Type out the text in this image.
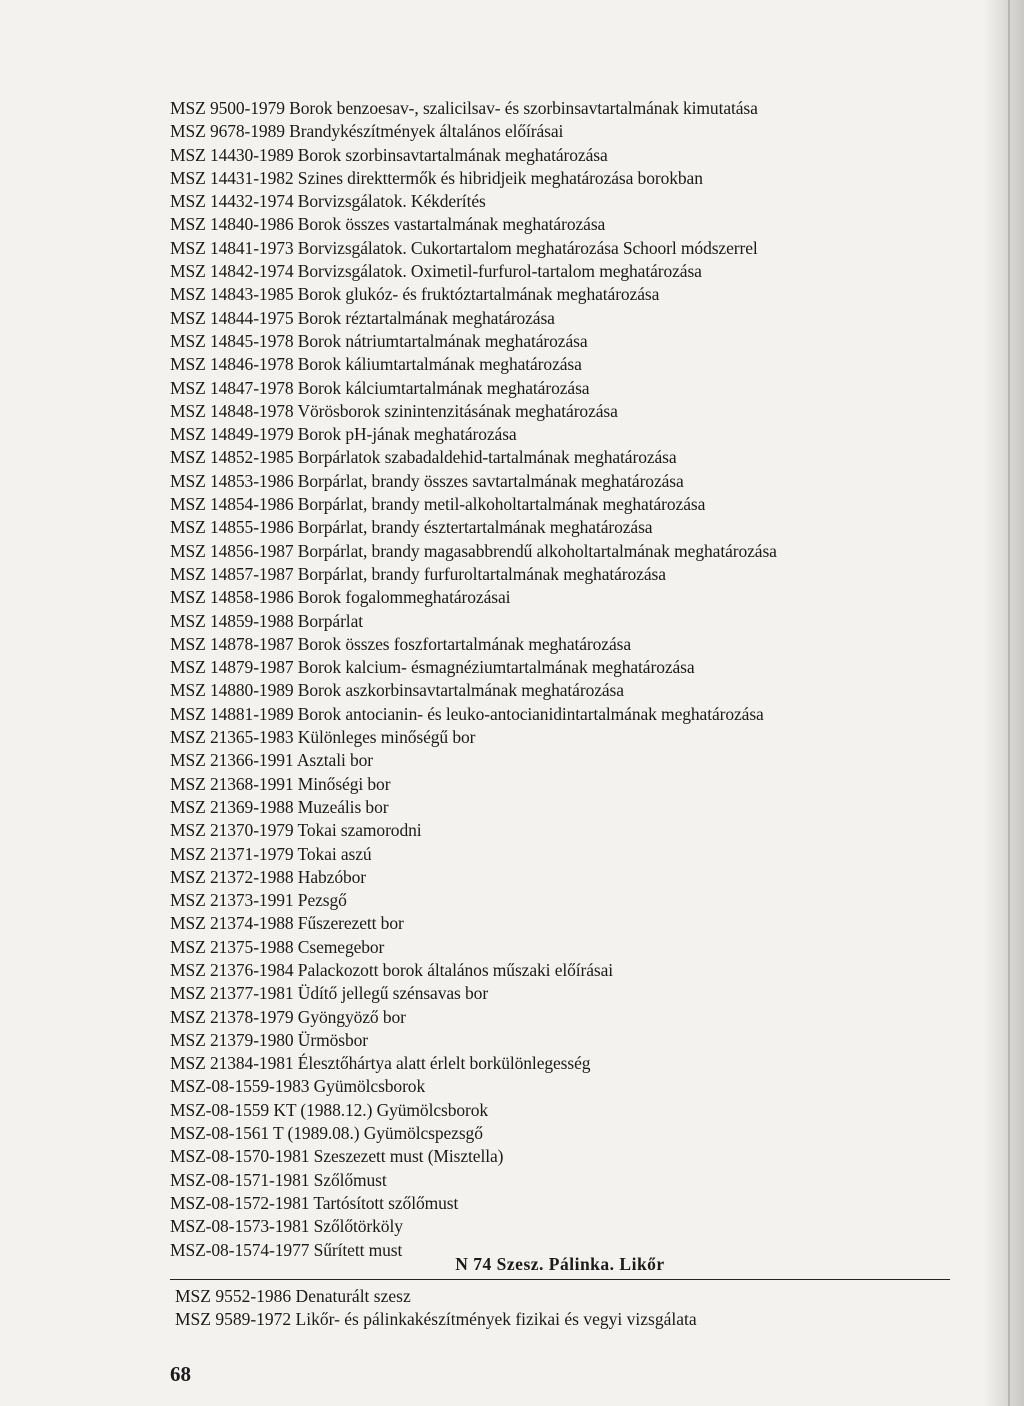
MSZ 9500-1979 Borok benzoesav-, szalicilsav- és szorbinsavtartalmának kimutatása
MSZ 9678-1989 Brandykészítmények általános előírásai
MSZ 14430-1989 Borok szorbinsavtartalmának meghatározása
MSZ 14431-1982 Szines direkttermők és hibridjeik meghatározása borokban
MSZ 14432-1974 Borvizsgálatok. Kékderítés
MSZ 14840-1986 Borok összes vastartalmának meghatározása
MSZ 14841-1973 Borvizsgálatok. Cukortartalom meghatározása Schoorl módszerrel
MSZ 14842-1974 Borvizsgálatok. Oximetil-furfurol-tartalom meghatározása
MSZ 14843-1985 Borok glukóz- és fruktóztartalmának meghatározása
MSZ 14844-1975 Borok réztartalmának meghatározása
MSZ 14845-1978 Borok nátriumtartalmának meghatározása
MSZ 14846-1978 Borok káliumtartalmának meghatározása
MSZ 14847-1978 Borok kálciumtartalmának meghatározása
MSZ 14848-1978 Vörösborok szinintenzitásának meghatározása
MSZ 14849-1979 Borok pH-jának meghatározása
MSZ 14852-1985 Borpárlatok szabadaldehid-tartalmának meghatározása
MSZ 14853-1986 Borpárlat, brandy összes savtartalmának meghatározása
MSZ 14854-1986 Borpárlat, brandy metil-alkoholtartalmának meghatározása
MSZ 14855-1986 Borpárlat, brandy észtertartalmának meghatározása
MSZ 14856-1987 Borpárlat, brandy magasabbrendű alkoholtartalmának meghatározása
MSZ 14857-1987 Borpárlat, brandy furfuroltartalmának meghatározása
MSZ 14858-1986 Borok fogalommeghatározásai
MSZ 14859-1988 Borpárlat
MSZ 14878-1987 Borok összes foszfortartalmának meghatározása
MSZ 14879-1987 Borok kalcium- ésmagnéziumtartalmának meghatározása
MSZ 14880-1989 Borok aszkorbinsavtartalmának meghatározása
MSZ 14881-1989 Borok antocianin- és leuko-antocianidintartalmának meghatározása
MSZ 21365-1983 Különleges minőségű bor
MSZ 21366-1991 Asztali bor
MSZ 21368-1991 Minőségi bor
MSZ 21369-1988 Muzeális bor
MSZ 21370-1979 Tokai szamorodni
MSZ 21371-1979 Tokai aszú
MSZ 21372-1988 Habzóbor
MSZ 21373-1991 Pezsgő
MSZ 21374-1988 Fűszerezett bor
MSZ 21375-1988 Csemegebor
MSZ 21376-1984 Palackozott borok általános műszaki előírásai
MSZ 21377-1981 Üdítő jellegű szénsavas bor
MSZ 21378-1979 Gyöngyöző bor
MSZ 21379-1980 Ürmösbor
MSZ 21384-1981 Élesztőhártya alatt érlelt borkülönlegesség
MSZ-08-1559-1983 Gyümölcsborok
MSZ-08-1559 KT (1988.12.) Gyümölcsborok
MSZ-08-1561 T (1989.08.) Gyümölcspezsgő
MSZ-08-1570-1981 Szeszezett must (Misztella)
MSZ-08-1571-1981 Szőlőmust
MSZ-08-1572-1981 Tartósított szőlőmust
MSZ-08-1573-1981 Szőlőtörköly
MSZ-08-1574-1977 Sűrített must
N 74 Szesz. Pálinka. Likőr
MSZ 9552-1986 Denaturált szesz
MSZ 9589-1972 Likőr- és pálinkakészítmények fizikai és vegyi vizsgálata
68
